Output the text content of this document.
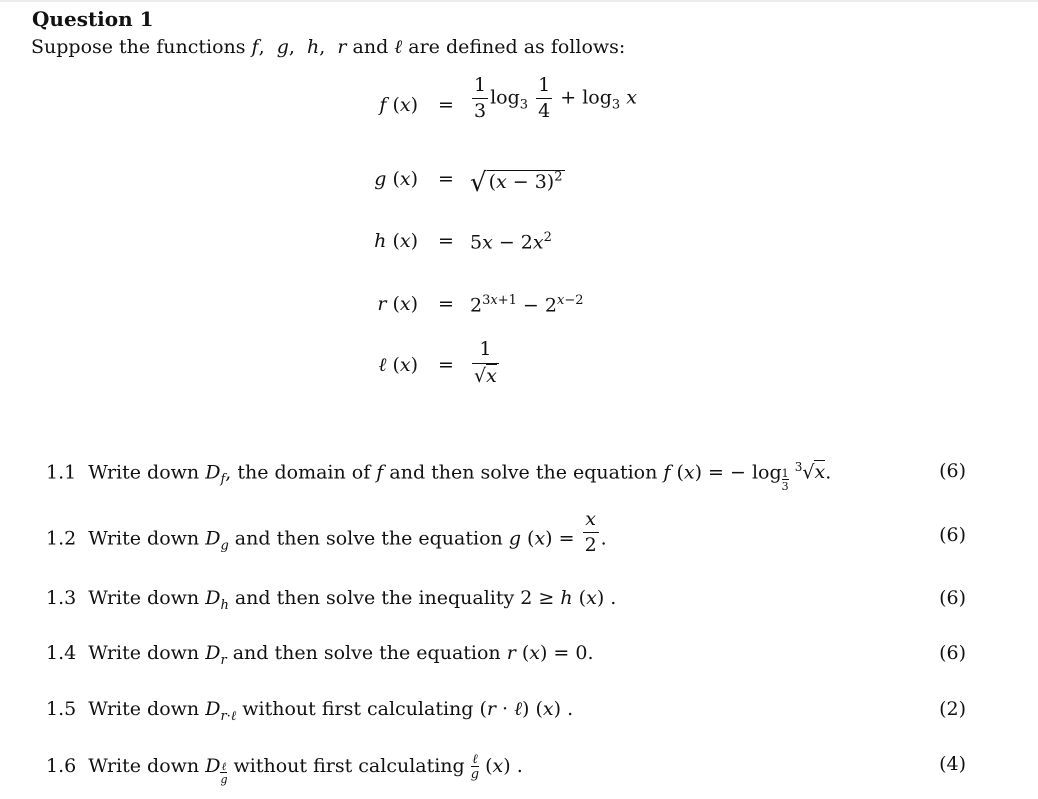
Question 1
Suppose the functions f,  g,  h,  r and ℓ are defined as follows:
f $(x) = \frac{1}{3} \log_3 \frac{1}{4} + \log_3 x$
g (x) = √ $(x - 3)^2$
h $(x) = 5x - 2x^2$
r $(x) = 2^{3x+1} - 2^{x-2}$
ℓ $(x) = \frac{1}{√x}$
1.1  Write down $D_f$, the domain of f and then solve the equation f (x) = − log $_{\frac{1}{3}}$
$^3$√x.	(6)
1.2  Write down $D_g$ and then solve the equation g $(x) = \frac{x}{2}$ .	(6)
1.3  Write down $D_h$ and then solve the inequality 2 ≥ h (x) .	(6)
1.4  Write down $D_r$ and then solve the equation r (x) = 0.	(6)
1.5  Write down $D_{r\cdot\ell}$ without first calculating (r · ℓ) (x) .	(2)
1.6  Write down D $_{\ell g}$
without first calculating ℓ
g (x) .	(4)
